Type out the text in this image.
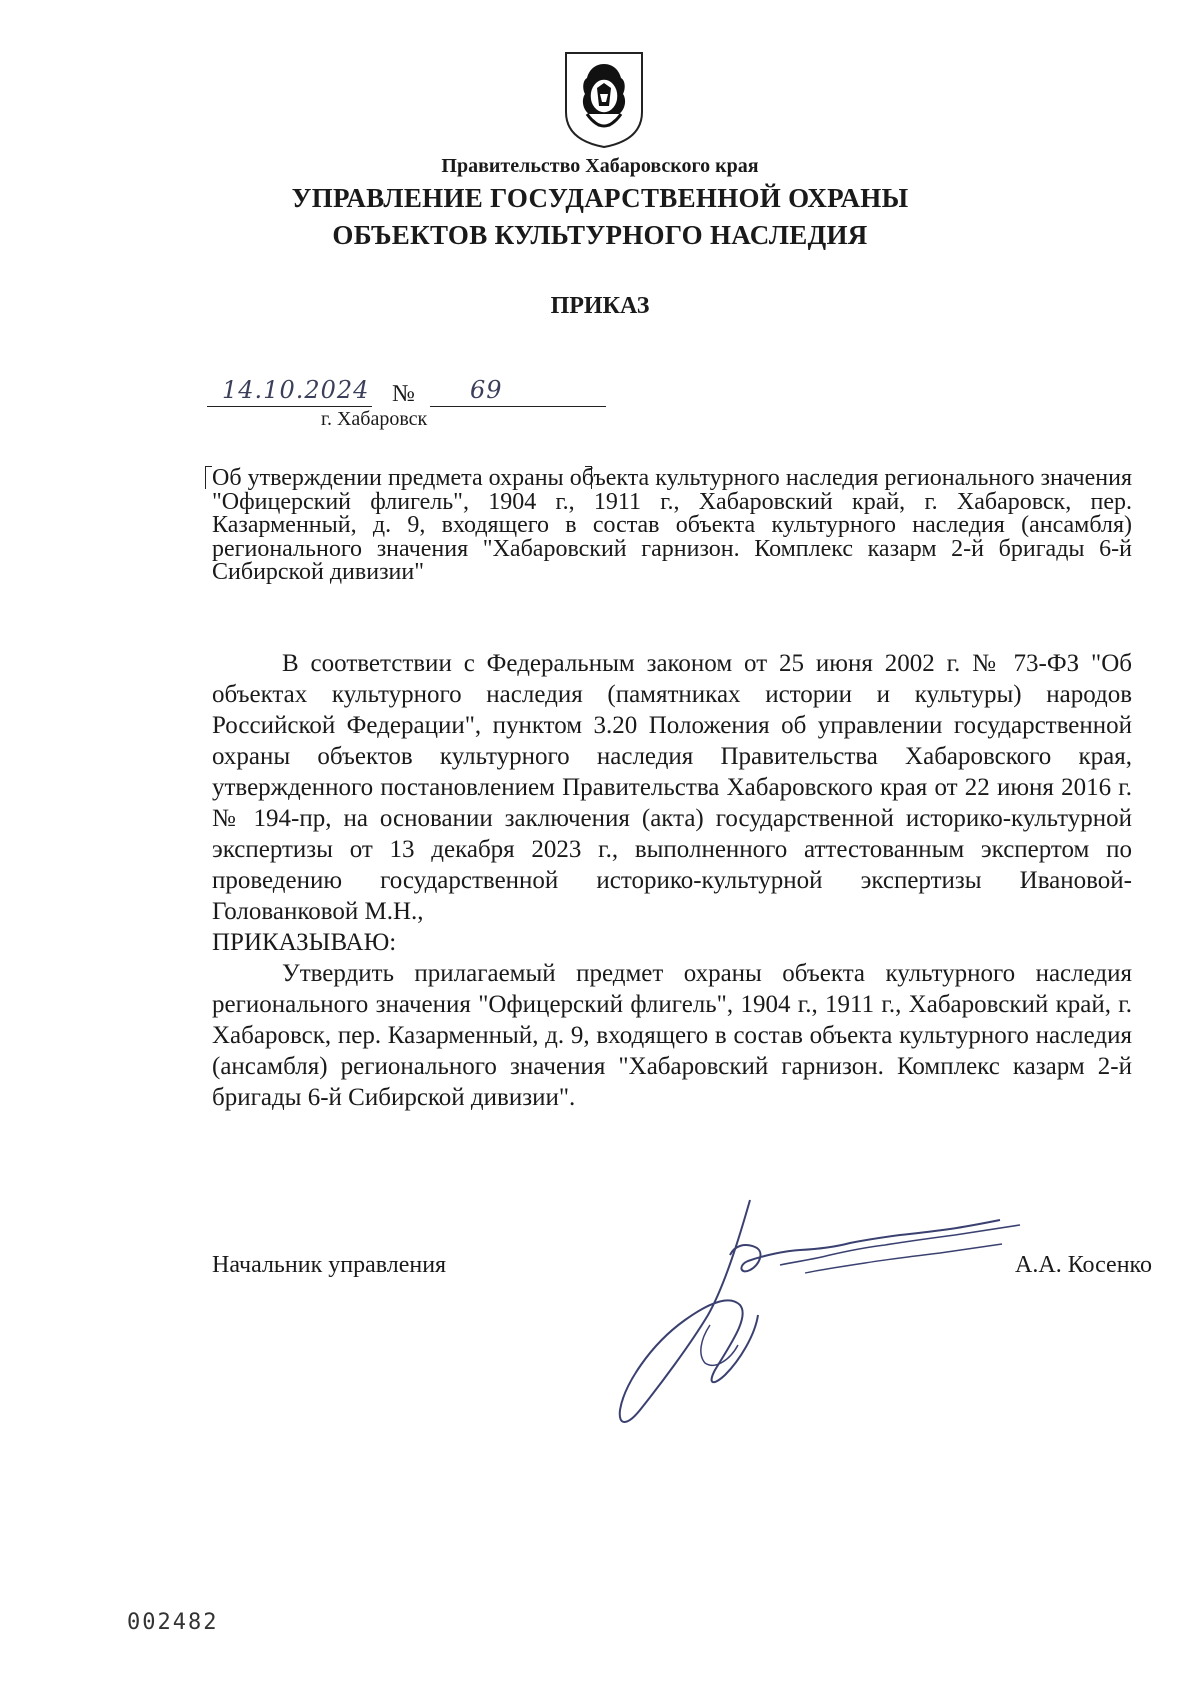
Правительство Хабаровского края
УПРАВЛЕНИЕ ГОСУДАРСТВЕННОЙ ОХРАНЫ
ОБЪЕКТОВ КУЛЬТУРНОГО НАСЛЕДИЯ
ПРИКАЗ
14.10.2024 № 69
г. Хабаровск
Об утверждении предмета охраны объекта культурного наследия регионального значения "Офицерский флигель", 1904 г., 1911 г., Хабаровский край, г. Хабаровск, пер. Казарменный, д. 9, входящего в состав объекта культурного наследия (ансамбля) регионального значения "Хабаровский гарнизон. Комплекс казарм 2-й бригады 6-й Сибирской дивизии"

В соответствии с Федеральным законом от 25 июня 2002 г. № 73-ФЗ "Об объектах культурного наследия (памятниках истории и культуры) народов Российской Федерации", пунктом 3.20 Положения об управлении государственной охраны объектов культурного наследия Правительства Хабаровского края, утвержденного постановлением Правительства Хабаровского края от 22 июня 2016 г. № 194-пр, на основании заключения (акта) государственной историко-культурной экспертизы от 13 декабря 2023 г., выполненного аттестованным экспертом по проведению государственной историко-культурной экспертизы Ивановой-Голованковой М.Н.,

ПРИКАЗЫВАЮ:

Утвердить прилагаемый предмет охраны объекта культурного наследия регионального значения "Офицерский флигель", 1904 г., 1911 г., Хабаровский край, г. Хабаровск, пер. Казарменный, д. 9, входящего в состав объекта культурного наследия (ансамбля) регионального значения "Хабаровский гарнизон. Комплекс казарм 2-й бригады 6-й Сибирской дивизии".

Начальник управления	А.А. Косенко
002482
